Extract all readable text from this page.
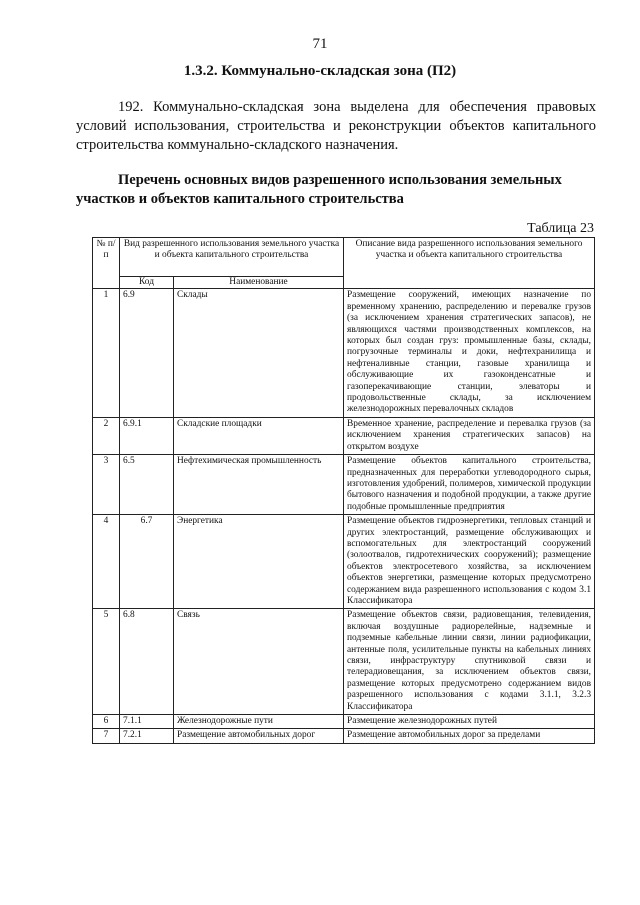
71
1.3.2. Коммунально-складская зона (П2)

192. Коммунально-складская зона выделена для обеспечения правовых условий использования, строительства и реконструкции объектов капитального строительства коммунально-складского назначения.

Перечень основных видов разрешенного использования земельных участков и объектов капитального строительства

Таблица 23
№ п/п	Вид разрешенного использования земельного участка и объекта капитального строительства		Описание вида разрешенного использования земельного участка и объекта капитального строительства
	Код	Наименование	
1	6.9	Склады	Размещение сооружений, имеющих назначение по временному хранению, распределению и перевалке грузов (за исключением хранения стратегических запасов), не являющихся частями производственных комплексов, на которых был создан груз: промышленные базы, склады, погрузочные терминалы и доки, нефтехранилища и нефтеналивные станции, газовые хранилища и обслуживающие их газоконденсатные и газоперекачивающие станции, элеваторы и продовольственные склады, за исключением железнодорожных перевалочных складов
2	6.9.1	Складские площадки	Временное хранение, распределение и перевалка грузов (за исключением хранения стратегических запасов) на открытом воздухе
3	6.5	Нефтехимическая промышленность	Размещение объектов капитального строительства, предназначенных для переработки углеводородного сырья, изготовления удобрений, полимеров, химической продукции бытового назначения и подобной продукции, а также другие подобные промышленные предприятия
4	6.7	Энергетика	Размещение объектов гидроэнергетики, тепловых станций и других электростанций, размещение обслуживающих и вспомогательных для электростанций сооружений (золоотвалов, гидротехнических сооружений); размещение объектов электросетевого хозяйства, за исключением объектов энергетики, размещение которых предусмотрено содержанием вида разрешенного использования с кодом 3.1 Классификатора
5	6.8	Связь	Размещение объектов связи, радиовещания, телевидения, включая воздушные радиорелейные, надземные и подземные кабельные линии связи, линии радиофикации, антенные поля, усилительные пункты на кабельных линиях связи, инфраструктуру спутниковой связи и телерадиовещания, за исключением объектов связи, размещение которых предусмотрено содержанием видов разрешенного использования с кодами 3.1.1, 3.2.3 Классификатора
6	7.1.1	Железнодорожные пути	Размещение железнодорожных путей
7	7.2.1	Размещение автомобильных дорог	Размещение автомобильных дорог за пределами
